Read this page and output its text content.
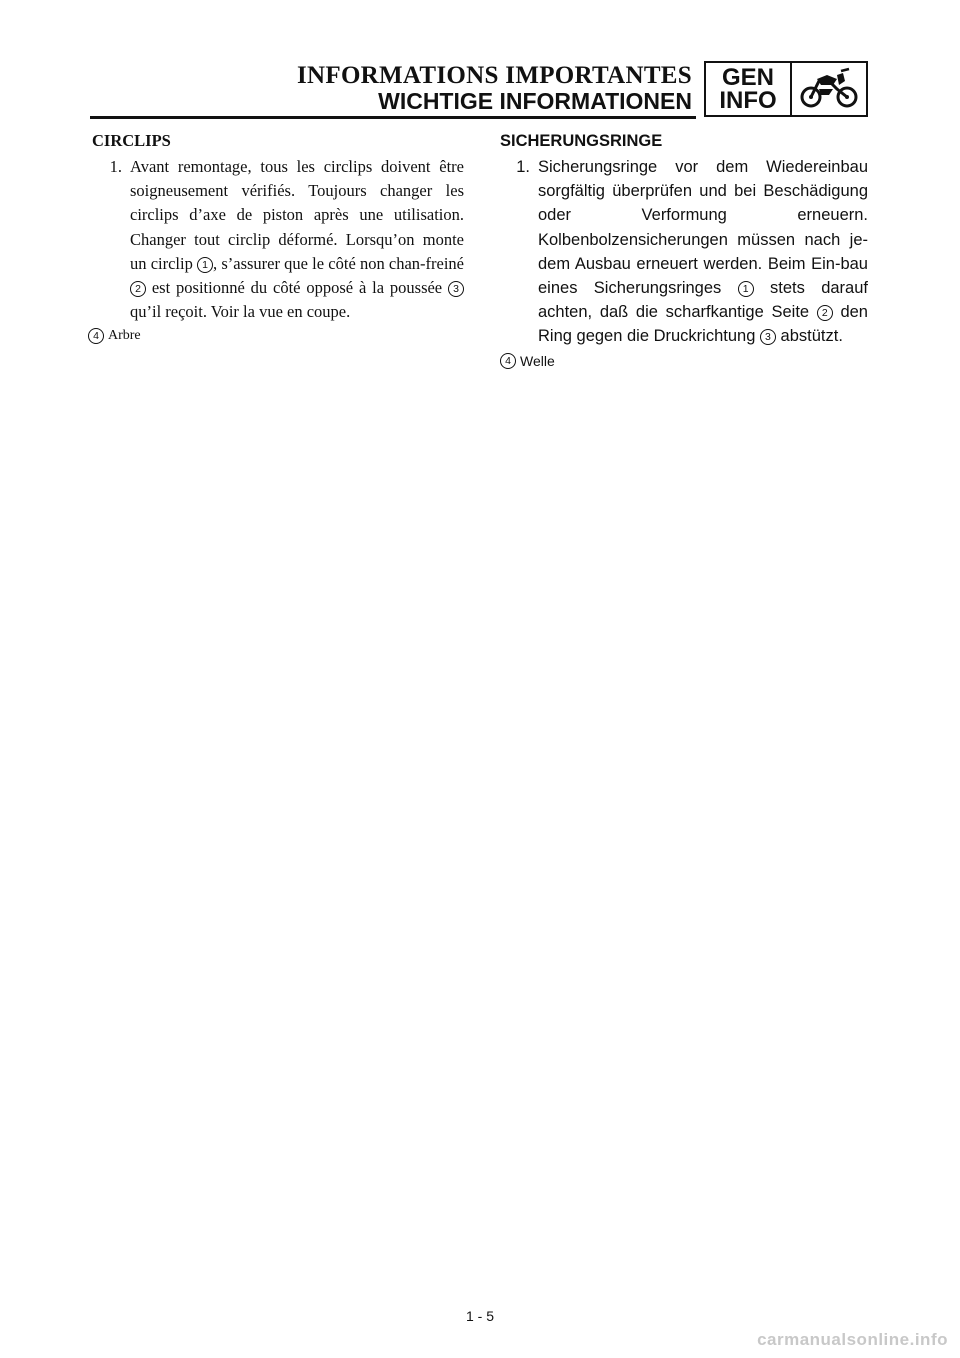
INFORMATIONS IMPORTANTES
WICHTIGE INFORMATIONEN
GEN
INFO
CIRCLIPS
1. Avant remontage, tous les circlips doivent être soigneusement vérifiés. Toujours changer les circlips d’axe de piston après une utilisation. Changer tout circlip déformé. Lorsqu’on monte un circlip 1 , s’assurer que le côté non chan-freiné 2 est positionné du côté opposé à la poussée 3 qu’il reçoit. Voir la vue en coupe.
4 Arbre
SICHERUNGSRINGE
1. Sicherungsringe vor dem Wiedereinbau sorgfältig überprüfen und bei Beschädigung oder Verformung erneuern. Kolbenbolzensicherungen müssen nach je-dem Ausbau erneuert werden. Beim Ein-bau eines Sicherungsringes 1 stets darauf achten, daß die scharfkantige Seite 2 den Ring gegen die Druckrichtung 3 abstützt.
4 Welle
1 - 5
carmanualsonline.info
